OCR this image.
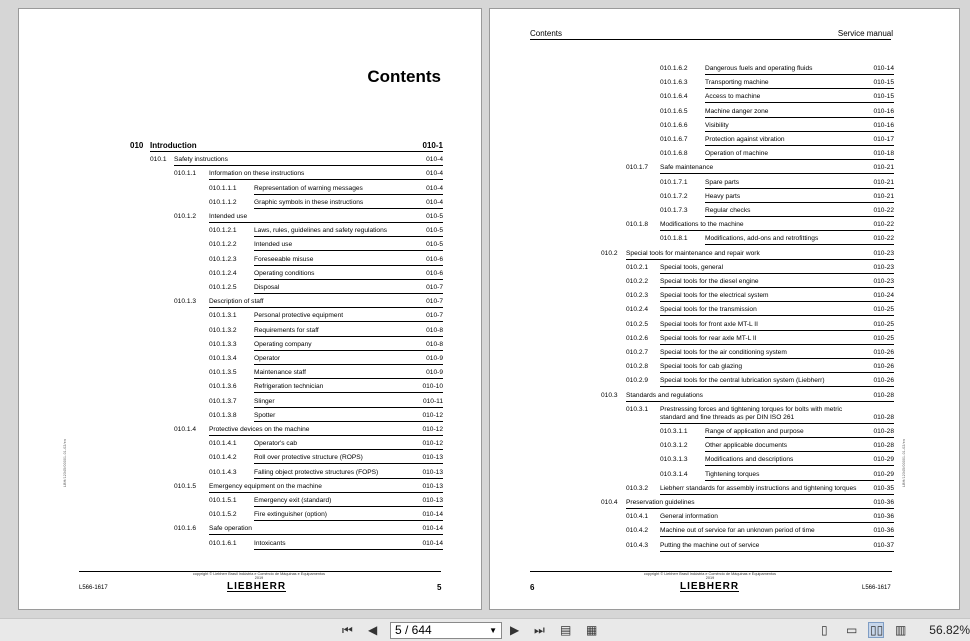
Contents
010 Introduction	010-1
010.1 Safety instructions	010-4
010.1.1 Information on these instructions	010-4
010.1.1.1	Representation of warning messages	010-4
010.1.1.2	Graphic symbols in these instructions	010-4
010.1.2 Intended use	010-5
010.1.2.1	Laws, rules, guidelines and safety regulations	010-5
010.1.2.2	Intended use	010-5
010.1.2.3	Foreseeable misuse	010-6
010.1.2.4	Operating conditions	010-6
010.1.2.5	Disposal	010-7
010.1.3 Description of staff	010-7
010.1.3.1	Personal protective equipment	010-7
010.1.3.2	Requirements for staff	010-8
010.1.3.3	Operating company	010-8
010.1.3.4	Operator	010-9
010.1.3.5	Maintenance staff	010-9
010.1.3.6	Refrigeration technician	010-10
010.1.3.7	Slinger	010-11
010.1.3.8	Spotter	010-12
010.1.4 Protective devices on the machine	010-12
010.1.4.1	Operator's cab	010-12
010.1.4.2	Roll over protective structure (ROPS)	010-13
010.1.4.3	Falling object protective structures (FOPS)	010-13
010.1.5 Emergency equipment on the machine	010-13
010.1.5.1	Emergency exit (standard)	010-13
010.1.5.2	Fire extinguisher (option)	010-14
010.1.6 Safe operation	010-14
010.1.6.1	Intoxicants	010-14
LBH/12345/00001-01-02/en
copyright © Liebherr Brasil Indústria e Comércio de Máquinas e Equipamentos
2019
LIEBHERR
L566-1617	5
Contents	Service manual
010.1.6.2	Dangerous fuels and operating fluids	010-14
010.1.6.3	Transporting machine	010-15
010.1.6.4	Access to machine	010-15
010.1.6.5	Machine danger zone	010-16
010.1.6.6	Visibility	010-16
010.1.6.7	Protection against vibration	010-17
010.1.6.8	Operation of machine	010-18
010.1.7 Safe maintenance	010-21
010.1.7.1	Spare parts	010-21
010.1.7.2	Heavy parts	010-21
010.1.7.3	Regular checks	010-22
010.1.8 Modifications to the machine	010-22
010.1.8.1	Modifications, add-ons and retrofittings	010-22
010.2 Special tools for maintenance and repair work	010-23
010.2.1 Special tools, general	010-23
010.2.2 Special tools for the diesel engine	010-23
010.2.3 Special tools for the electrical system	010-24
010.2.4 Special tools for the transmission	010-25
010.2.5 Special tools for front axle MT-L II	010-25
010.2.6 Special tools for rear axle MT-L II	010-25
010.2.7 Special tools for the air conditioning system	010-26
010.2.8 Special tools for cab glazing	010-26
010.2.9 Special tools for the central lubrication system (Liebherr)	010-26
010.3 Standards and regulations	010-28
010.3.1 Prestressing forces and tightening torques for bolts with metric
standard and fine threads as per DIN ISO 261	010-28
010.3.1.1	Range of application and purpose	010-28
010.3.1.2	Other applicable documents	010-28
010.3.1.3	Modifications and descriptions	010-29
010.3.1.4	Tightening torques	010-29
010.3.2 Liebherr standards for assembly instructions and tightening torques	010-35
010.4 Preservation guidelines	010-36
010.4.1 General information	010-36
010.4.2 Machine out of service for an unknown period of time	010-36
010.4.3 Putting the machine out of service	010-37
LBH/12345/00001-01-02/en
copyright © Liebherr Brasil Indústria e Comércio de Máquinas e Equipamentos
2019
LIEBHERR
6	L566-1617
⏮ ◀	5 / 644	▼ ▶ ⏭ ▤ ▦	▯ ▭ ▯▯ ▥ 56.82%
